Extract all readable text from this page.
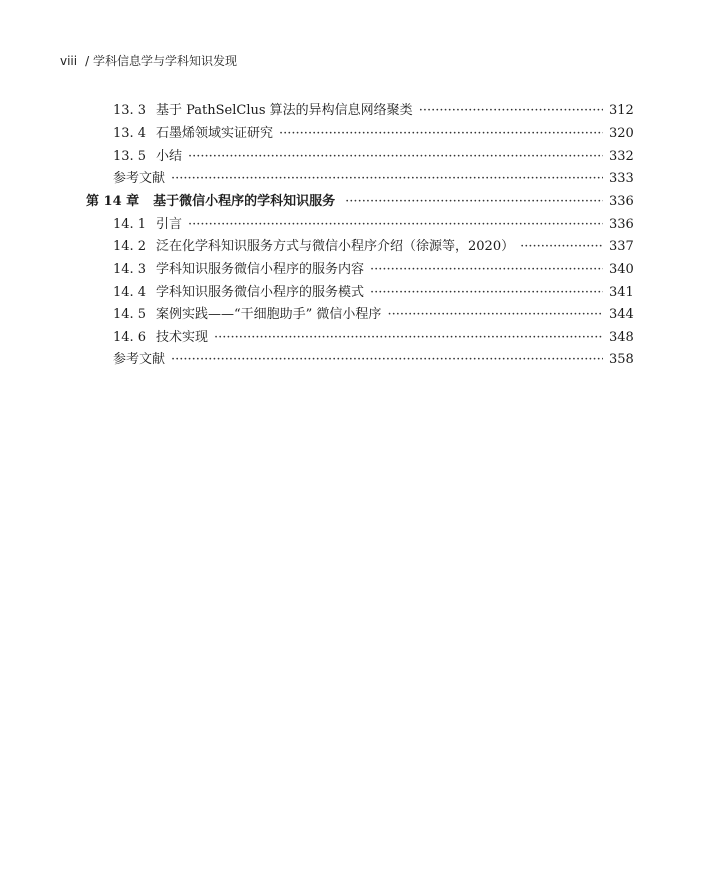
viii / 学科信息学与学科知识发现
13. 3 基于 PathSelClus 算法的异构信息网络聚类 ·····	312
13. 4 石墨烯领域实证研究 ·····	320
13. 5 小结 ·····	332
参考文献 ·····	333
第 14 章 基于微信小程序的学科知识服务 ·····	336
14. 1 引言 ·····	336
14. 2 泛在化学科知识服务方式与微信小程序介绍（徐源等，2020） ·····	337
14. 3 学科知识服务微信小程序的服务内容 ·····	340
14. 4 学科知识服务微信小程序的服务模式 ·····	341
14. 5 案例实践——“干细胞助手” 微信小程序 ·····	344
14. 6 技术实现 ·····	348
参考文献 ·····	358
